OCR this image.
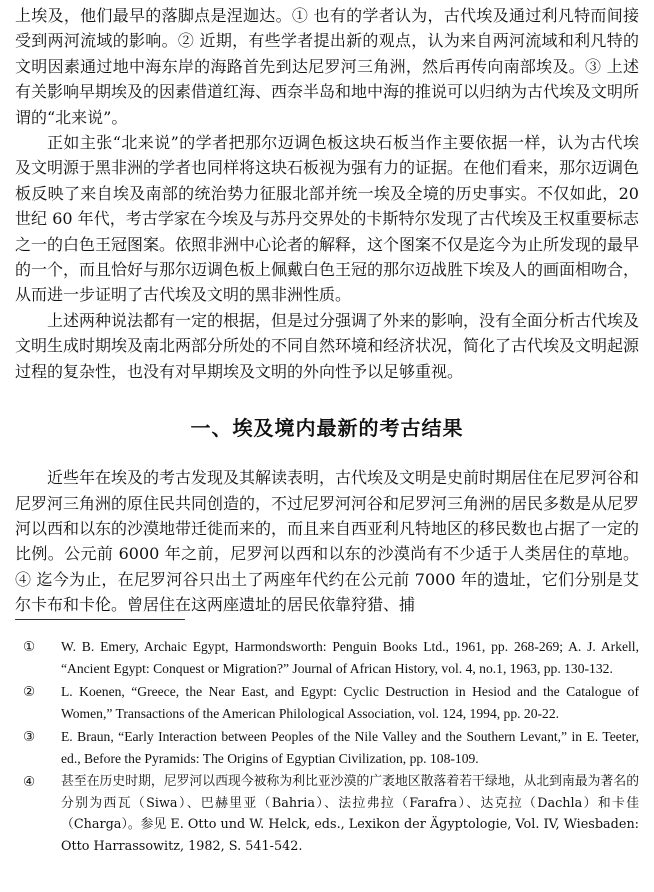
上埃及，他们最早的落脚点是涅迦达。① 也有的学者认为，古代埃及通过利凡特而间接受到两河流域的影响。② 近期，有些学者提出新的观点，认为来自两河流域和利凡特的文明因素通过地中海东岸的海路首先到达尼罗河三角洲，然后再传向南部埃及。③ 上述有关影响早期埃及的因素借道红海、西奈半岛和地中海的推说可以归纳为古代埃及文明所谓的“北来说”。

正如主张“北来说”的学者把那尔迈调色板这块石板当作主要依据一样，认为古代埃及文明源于黑非洲的学者也同样将这块石板视为强有力的证据。在他们看来，那尔迈调色板反映了来自埃及南部的统治势力征服北部并统一埃及全境的历史事实。不仅如此，20 世纪 60 年代，考古学家在今埃及与苏丹交界处的卡斯特尔发现了古代埃及王权重要标志之一的白色王冠图案。依照非洲中心论者的解释，这个图案不仅是迄今为止所发现的最早的一个，而且恰好与那尔迈调色板上佩戴白色王冠的那尔迈战胜下埃及人的画面相吻合，从而进一步证明了古代埃及文明的黑非洲性质。

上述两种说法都有一定的根据，但是过分强调了外来的影响，没有全面分析古代埃及文明生成时期埃及南北两部分所处的不同自然环境和经济状况，简化了古代埃及文明起源过程的复杂性，也没有对早期埃及文明的外向性予以足够重视。

一、埃及境内最新的考古结果

近些年在埃及的考古发现及其解读表明，古代埃及文明是史前时期居住在尼罗河谷和尼罗河三角洲的原住民共同创造的，不过尼罗河河谷和尼罗河三角洲的居民多数是从尼罗河以西和以东的沙漠地带迁徙而来的，而且来自西亚利凡特地区的移民数也占据了一定的比例。公元前 6000 年之前，尼罗河以西和以东的沙漠尚有不少适于人类居住的草地。④ 迄今为止，在尼罗河谷只出土了两座年代约在公元前 7000 年的遗址，它们分别是艾尔卡布和卡伦。曾居住在这两座遗址的居民依靠狩猎、捕

①	W. B. Emery, Archaic Egypt, Harmondsworth: Penguin Books Ltd., 1961, pp. 268-269; A. J. Arkell, “Ancient Egypt: Conquest or Migration?” Journal of African History, vol. 4, no.1, 1963, pp. 130-132.
②	L. Koenen, “Greece, the Near East, and Egypt: Cyclic Destruction in Hesiod and the Catalogue of Women,” Transactions of the American Philological Association, vol. 124, 1994, pp. 20-22.
③	E. Braun, “Early Interaction between Peoples of the Nile Valley and the Southern Levant,” in E. Teeter, ed., Before the Pyramids: The Origins of Egyptian Civilization, pp. 108-109.
④	甚至在历史时期，尼罗河以西现今被称为利比亚沙漠的广袤地区散落着若干绿地，从北到南最为著名的分别为西瓦（Siwa）、巴赫里亚（Bahria）、法拉弗拉（Farafra）、达克拉（Dachla）和卡佳（Charga）。参见 E. Otto und W. Helck, eds., Lexikon der Ägyptologie, Vol. IV, Wiesbaden: Otto Harrassowitz, 1982, S. 541-542.
